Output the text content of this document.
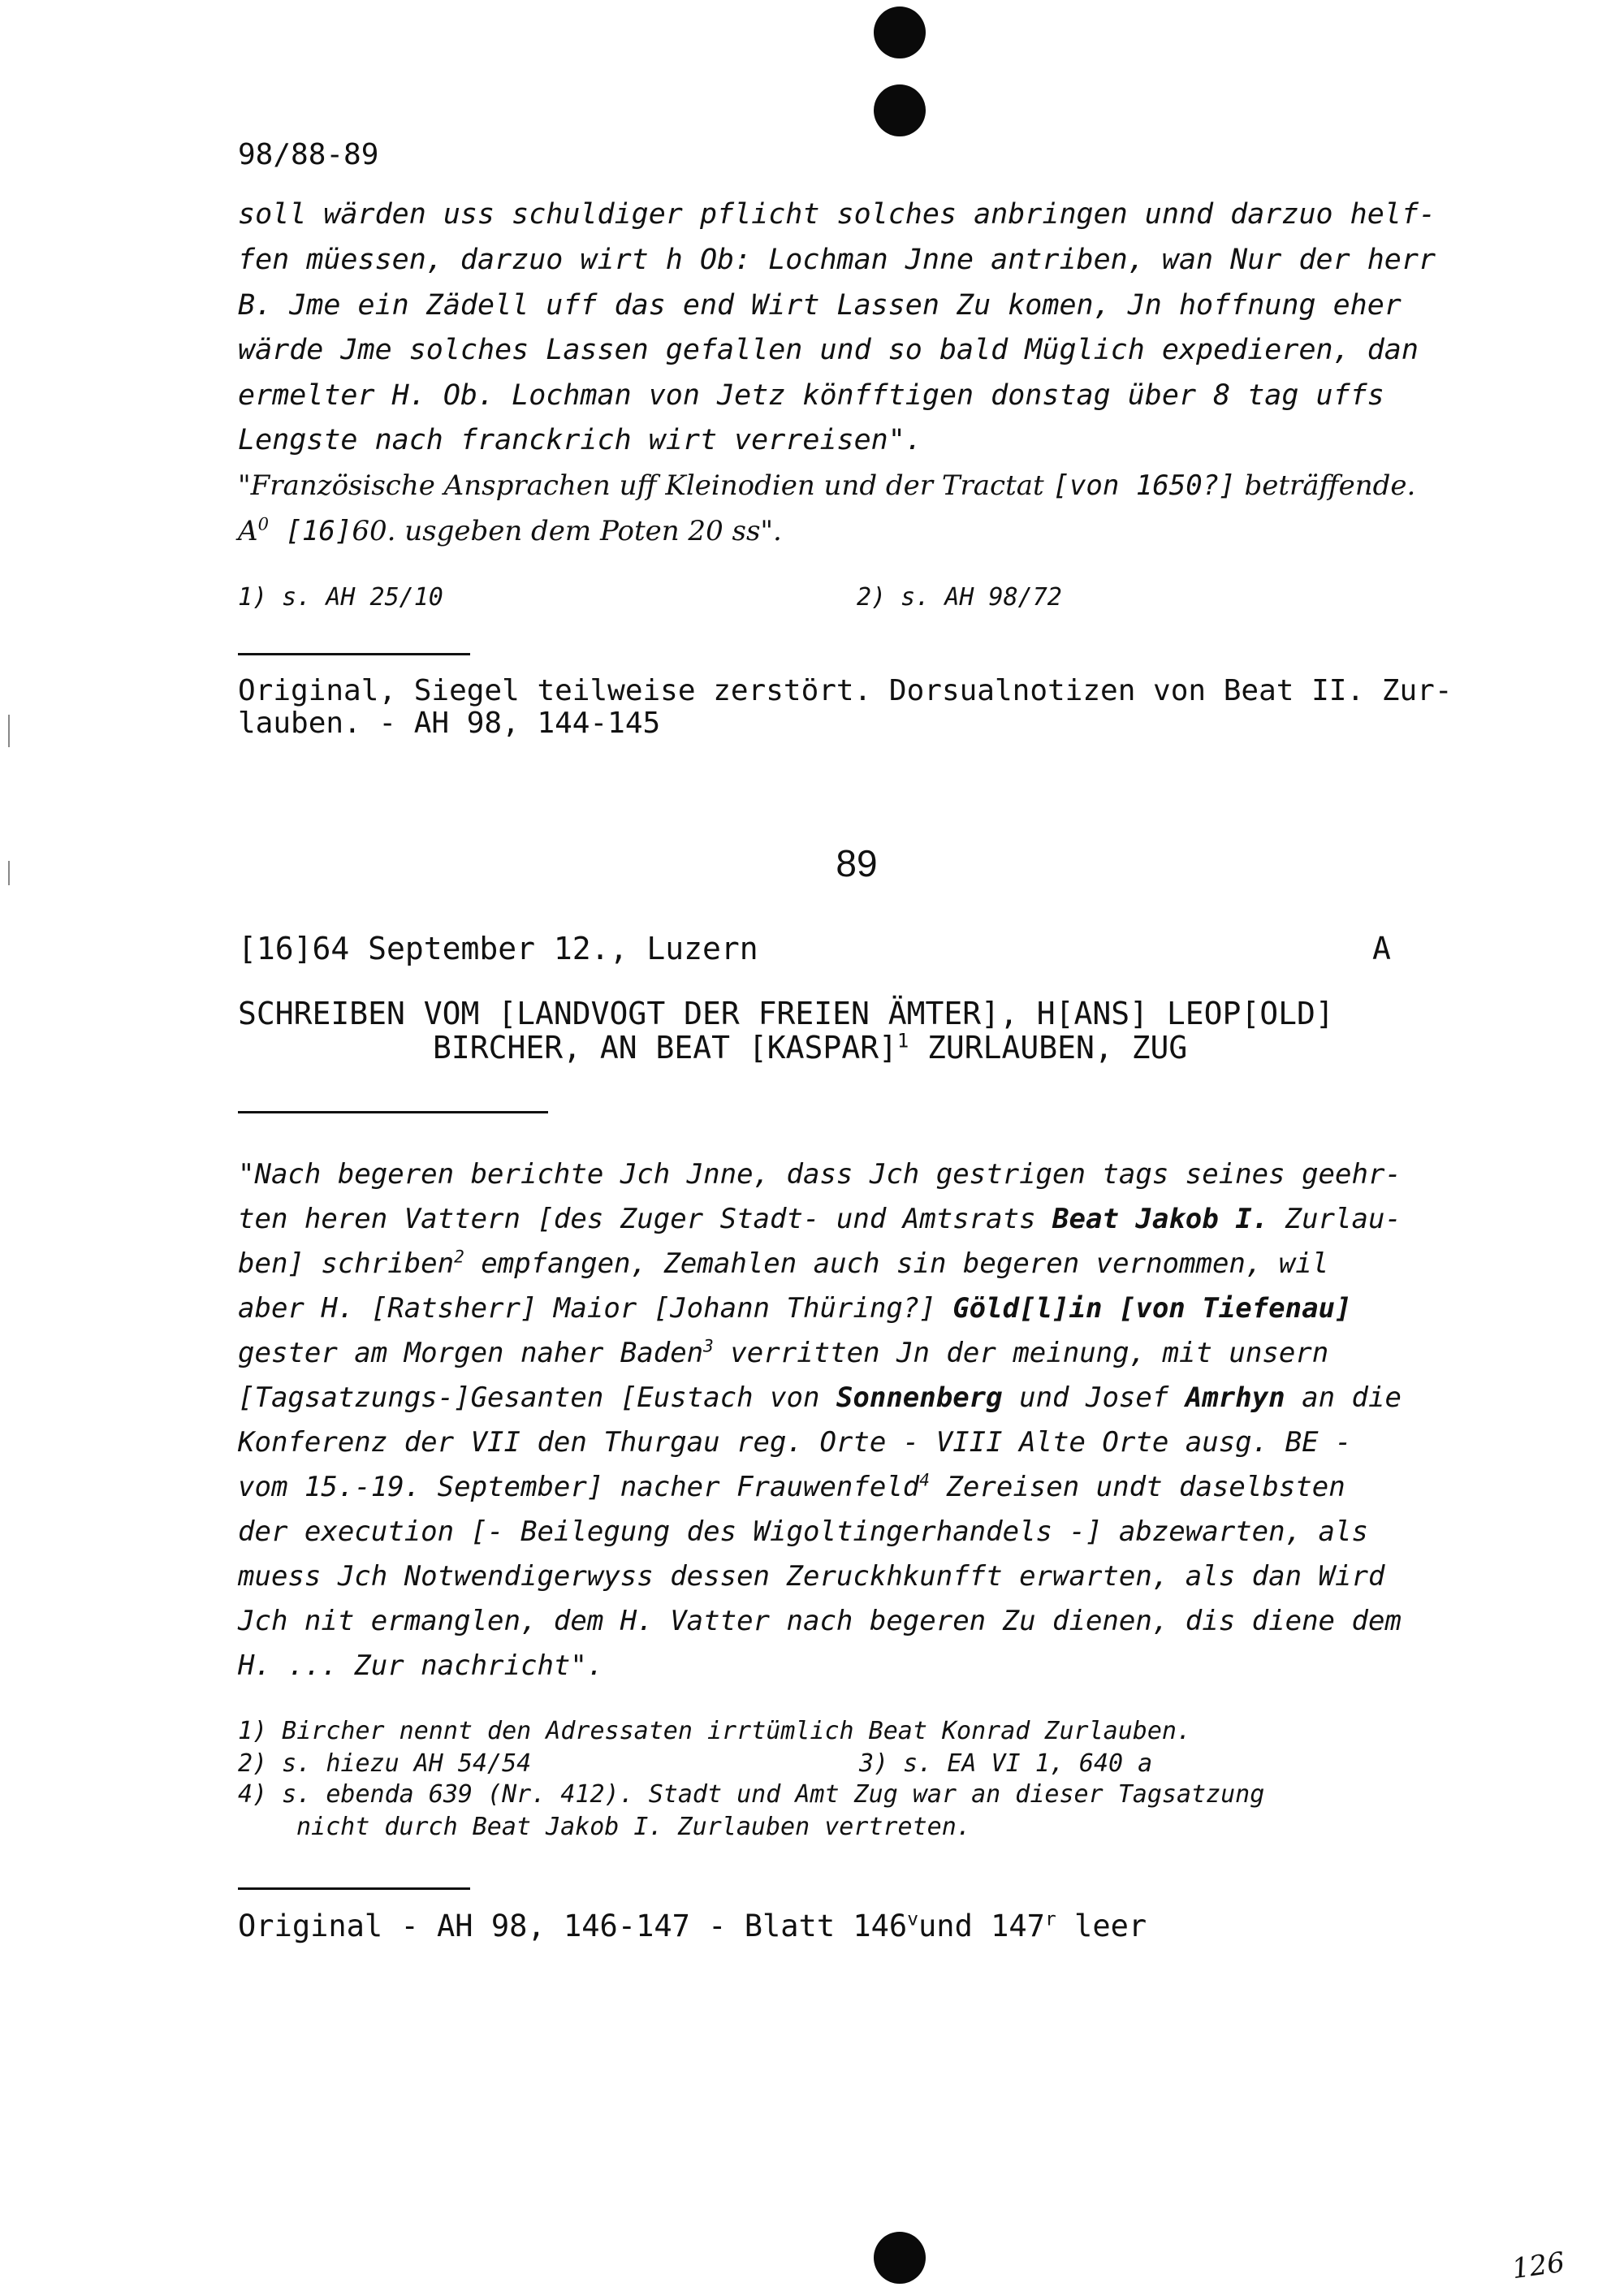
98/88-89
soll wärden uss schuldiger pflicht solches anbringen unnd darzuo helf-
fen müessen, darzuo wirt h Ob: Lochman Jnne antriben, wan Nur der herr
B. Jme ein Zädell uff das end Wirt Lassen Zu komen, Jn hoffnung eher
wärde Jme solches Lassen gefallen und so bald Müglich expedieren, dan
ermelter H. Ob. Lochman von Jetz könfftigen donstag über 8 tag uffs
Lengste nach franckrich wirt verreisen".
"Französische Ansprachen uff Kleinodien und der Tractat [von 1650?] beträffende.
$A^0$ [16]60. usgeben dem Poten 20 ss".
1) s. AH 25/10	2) s. AH 98/72
Original, Siegel teilweise zerstört. Dorsualnotizen von Beat II. Zur-
lauben. - AH 98, 144-145
89
[16]64 September 12., Luzern	A
SCHREIBEN VOM [LANDVOGT DER FREIEN ÄMTER], H[ANS] LEOP[OLD]
BIRCHER, AN BEAT [KASPAR]$^1$ ZURLAUBEN, ZUG
"Nach begeren berichte Jch Jnne, dass Jch gestrigen tags seines geehr-
ten heren Vattern [des Zuger Stadt- und Amtsrats Beat Jakob I. Zurlau-
ben] schriben$^2$ empfangen, Zemahlen auch sin begeren vernommen, wil
aber H. [Ratsherr] Maior [Johann Thüring?] Göld[l]in [von Tiefenau]
gester am Morgen naher Baden$^3$ verritten Jn der meinung, mit unsern
[Tagsatzungs-]Gesanten [Eustach von Sonnenberg und Josef Amrhyn an die
Konferenz der VII den Thurgau reg. Orte - VIII Alte Orte ausg. BE -
vom 15.-19. September] nacher Frauwenfeld$^4$ Zereisen undt daselbsten
der execution [- Beilegung des Wigoltingerhandels -] abzewarten, als
muess Jch Notwendigerwyss dessen Zeruckhkunfft erwarten, als dan Wird
Jch nit ermanglen, dem H. Vatter nach begeren Zu dienen, dis diene dem
H. ... Zur nachricht".
1) Bircher nennt den Adressaten irrtümlich Beat Konrad Zurlauben.
2) s. hiezu AH 54/54	3) s. EA VI 1, 640 a
4) s. ebenda 639 (Nr. 412). Stadt und Amt Zug war an dieser Tagsatzung
nicht durch Beat Jakob I. Zurlauben vertreten.
Original - AH 98, 146-147 - Blatt 146$^v$und 147$^r$ leer
126
